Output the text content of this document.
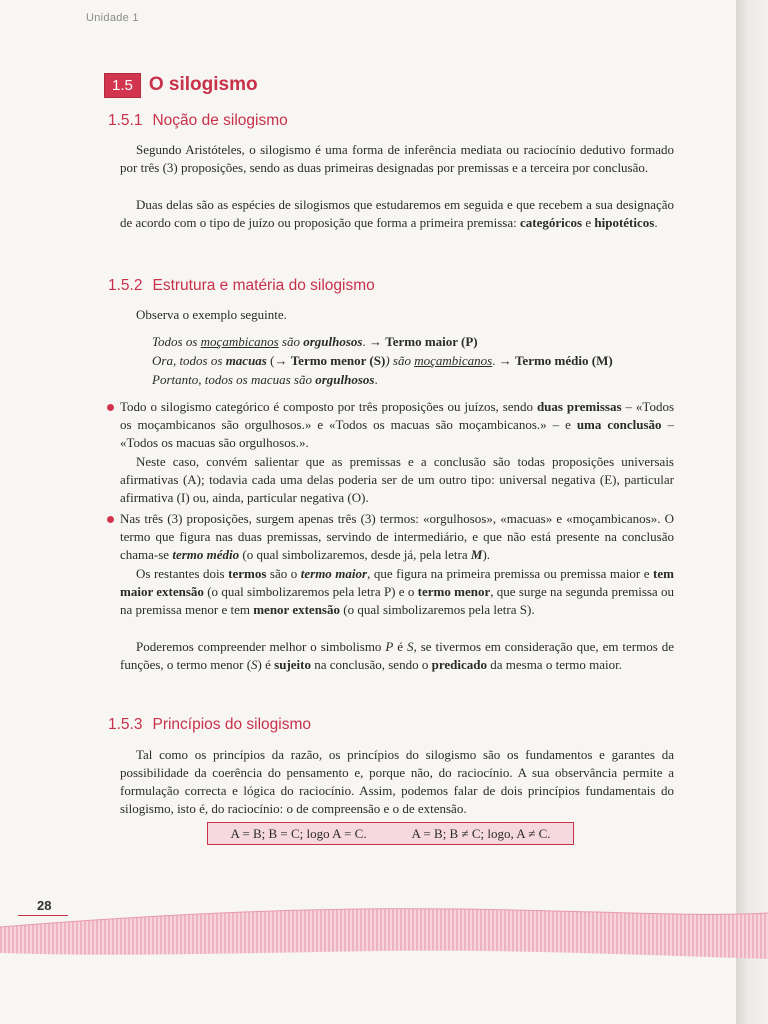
Unidade 1
1.5 O silogismo
1.5.1 Noção de silogismo

Segundo Aristóteles, o silogismo é uma forma de inferência mediata ou raciocínio dedutivo formado por três (3) proposições, sendo as duas primeiras designadas por premissas e a terceira por conclusão.

Duas delas são as espécies de silogismos que estudaremos em seguida e que recebem a sua designação de acordo com o tipo de juízo ou proposição que forma a primeira premissa: categóricos e hipotéticos.

1.5.2 Estrutura e matéria do silogismo

Observa o exemplo seguinte.

Todos os moçambicanos são orgulhosos. → Termo maior (P)
Ora, todos os macuas (→ Termo menor (S)) são moçambicanos. → Termo médio (M)
Portanto, todos os macuas são orgulhosos.

Todo o silogismo categórico é composto por três proposições ou juízos, sendo duas premissas – «Todos os moçambicanos são orgulhosos.» e «Todos os macuas são moçambicanos.» – e uma conclusão – «Todos os macuas são orgulhosos.».

Neste caso, convém salientar que as premissas e a conclusão são todas proposições universais afirmativas (A); todavia cada uma delas poderia ser de um outro tipo: universal negativa (E), particular afirmativa (I) ou, ainda, particular negativa (O).

Nas três (3) proposições, surgem apenas três (3) termos: «orgulhosos», «macuas» e «moçambicanos». O termo que figura nas duas premissas, servindo de intermediário, e que não está presente na conclusão chama-se termo médio (o qual simbolizaremos, desde já, pela letra M).

Os restantes dois termos são o termo maior, que figura na primeira premissa ou premissa maior e tem maior extensão (o qual simbolizaremos pela letra P) e o termo menor, que surge na segunda premissa ou na premissa menor e tem menor extensão (o qual simbolizaremos pela letra S).

Poderemos compreender melhor o simbolismo P é S, se tivermos em consideração que, em termos de funções, o termo menor (S) é sujeito na conclusão, sendo o predicado da mesma o termo maior.

1.5.3 Princípios do silogismo

Tal como os princípios da razão, os princípios do silogismo são os fundamentos e garantes da possibilidade da coerência do pensamento e, porque não, do raciocínio. A sua observância permite a formulação correcta e lógica do raciocínio. Assim, podemos falar de dois princípios fundamentais do silogismo, isto é, do raciocínio: o de compreensão e o de extensão.

A = B; B = C; logo A = C.	A = B; B ≠ C; logo, A ≠ C.
28
